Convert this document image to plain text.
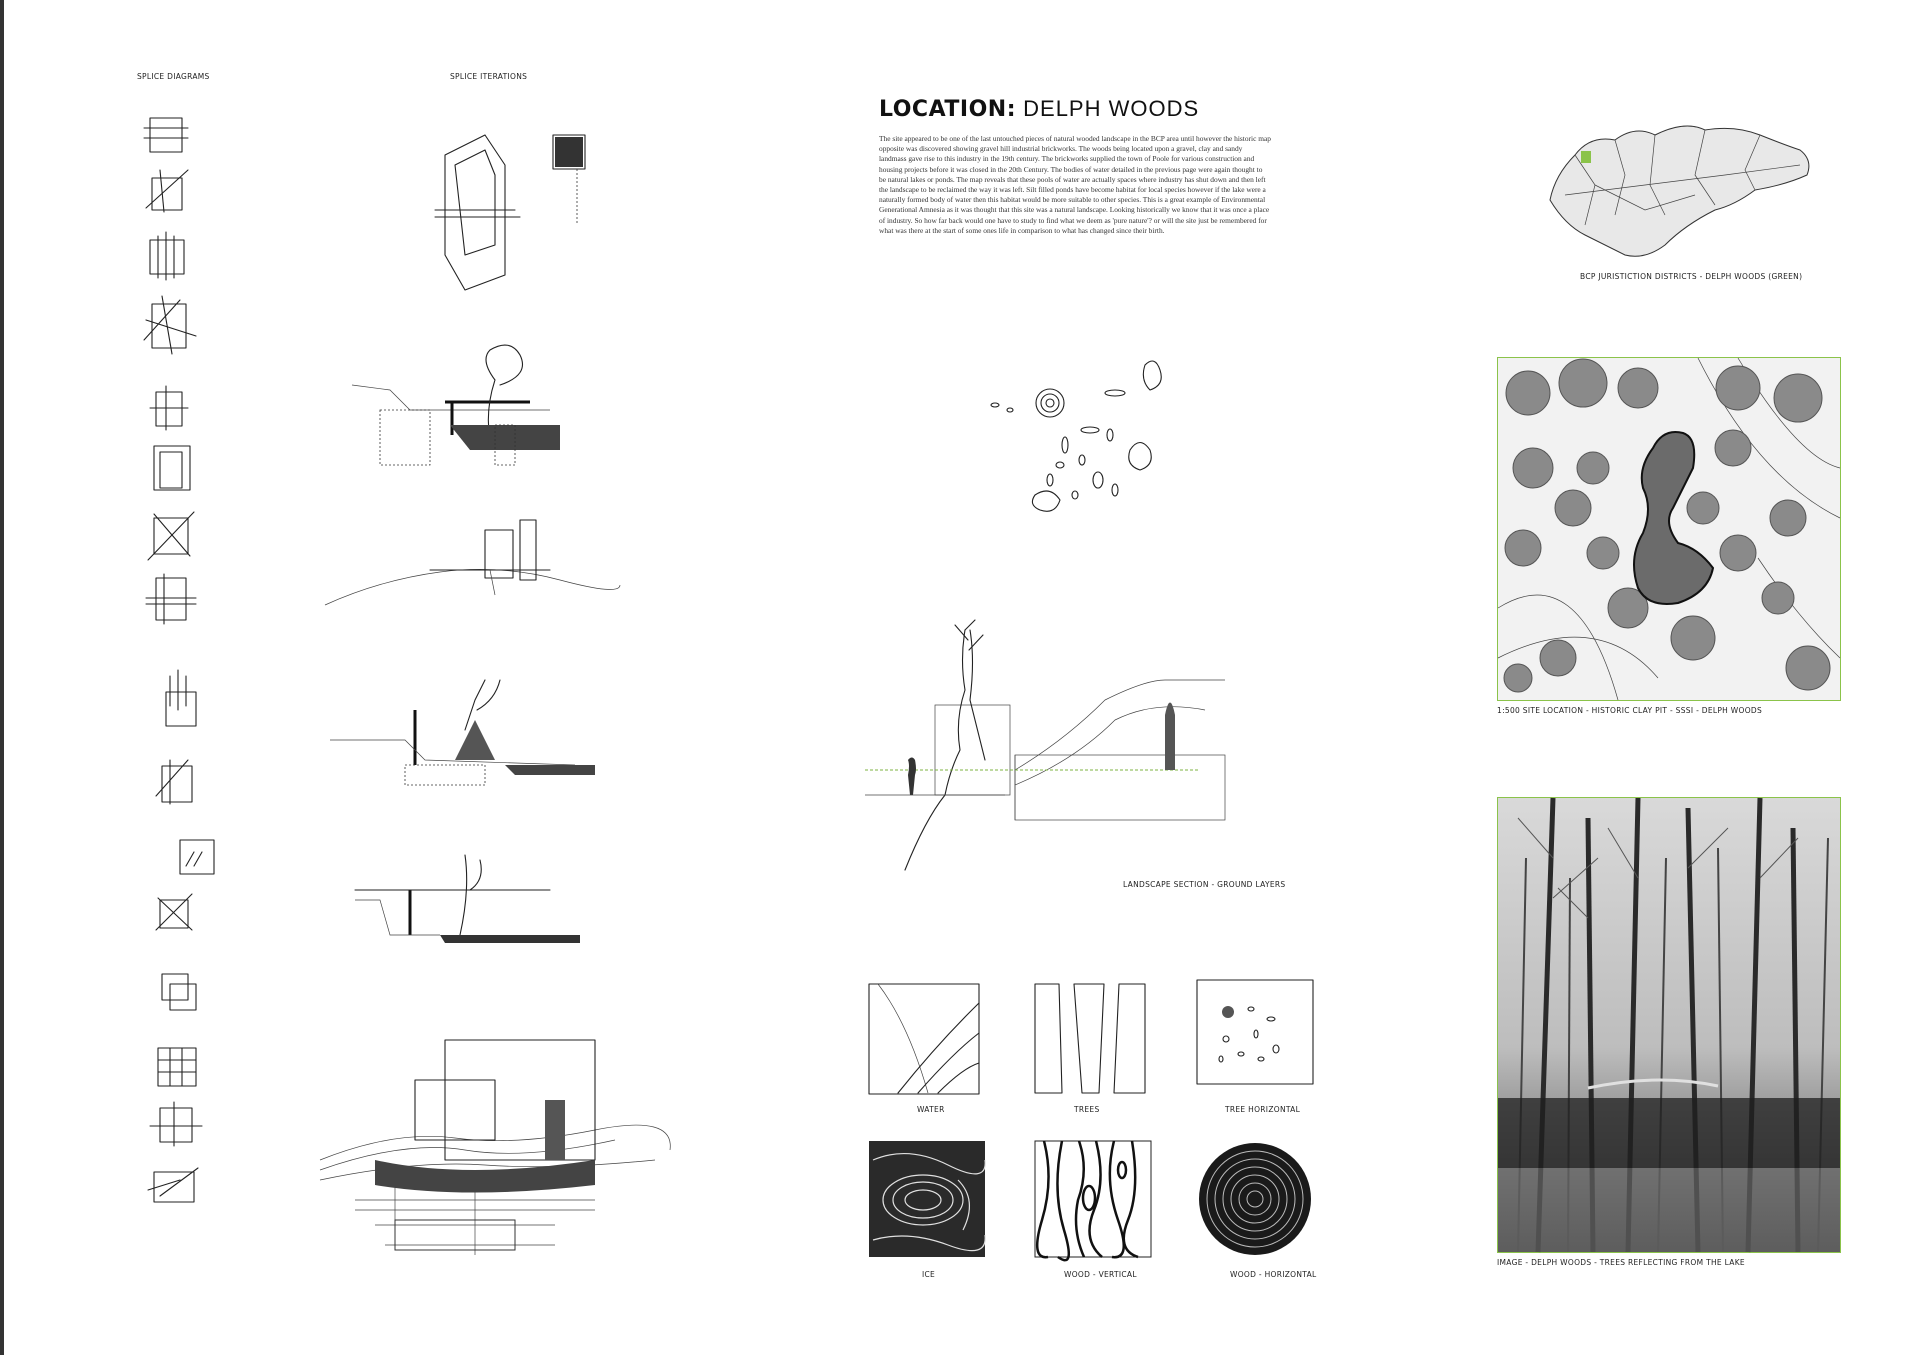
SPLICE DIAGRAMS	SPLICE ITERATIONS
LOCATION: DELPH WOODS
The site appeared to be one of the last untouched pieces of natural wooded landscape in the BCP area until however the historic map opposite was discovered showing gravel hill industrial brickworks. The woods being located upon a gravel, clay and sandy landmass gave rise to this industry in the 19th century. The brickworks supplied the town of Poole for various construction and housing projects before it was closed in the 20th Century. The bodies of water detailed in the previous page were again thought to be natural lakes or ponds. The map reveals that these pools of water are actually spaces where industry has shut down and then left the landscape to be reclaimed the way it was left. Silt filled ponds have become habitat for local species however if the lake were a naturally formed body of water then this habitat would be more suitable to other species. This is a great example of Environmental Generational Amnesia as it was thought that this site was a natural landscape. Looking historically we know that it was once a place of industry. So how far back would one have to study to find what we deem as 'pure nature'? or will the site just be remembered for what was there at the start of some ones life in comparison to what has changed since their birth.
BCP JURISTICTION DISTRICTS - DELPH WOODS (GREEN)
1:500 SITE LOCATION - HISTORIC CLAY PIT - SSSI - DELPH WOODS
LANDSCAPE SECTION - GROUND LAYERS
WATER	TREES	TREE HORIZONTAL
ICE	WOOD - VERTICAL	WOOD - HORIZONTAL
IMAGE - DELPH WOODS - TREES REFLECTING FROM THE LAKE
